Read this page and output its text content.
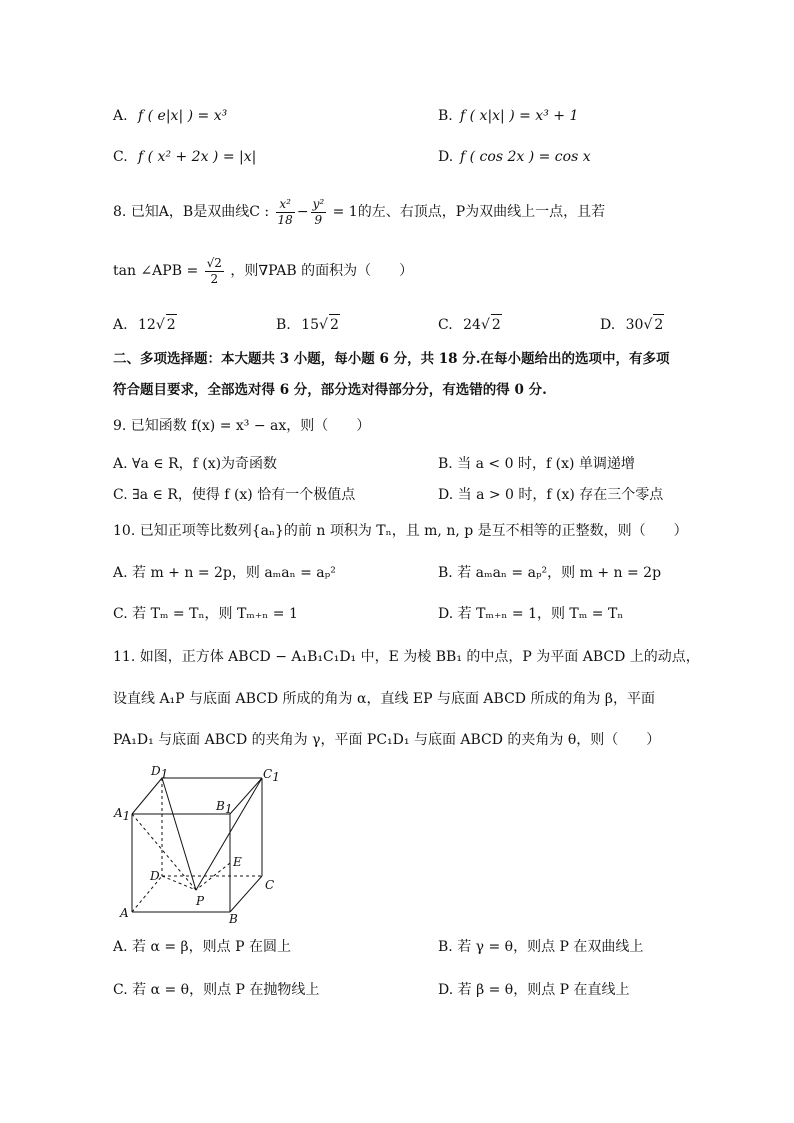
A. f ( e|x| ) = x³	B. f ( x|x| ) = x³ + 1
C. f ( x² + 2x ) = |x|	D. f ( cos 2x ) = cos x
8. 已知A，B是双曲线C : $\frac{\text{x²}}{18} - \frac{\text{y²}}{9} = 1$的左、右顶点，P为双曲线上一点，且若
tan ∠APB = $\frac{√2}{2}$ ，则∇PAB 的面积为（　　）
A. 12√ 2	B. 15√ 2	C. 24√ 2	D. 30√ 2
二、多项选择题：本大题共 3 小题，每小题 6 分，共 18 分.在每小题给出的选项中，有多项
符合题目要求，全部选对得 6 分，部分选对得部分分，有选错的得 0 分.
9. 已知函数 f(x) = x³ − ax，则（　　）
A. ∀a ∈ R，f (x)为奇函数	B. 当 a < 0 时，f (x) 单调递增
C. ∃a ∈ R，使得 f (x) 恰有一个极值点	D. 当 a > 0 时，f (x) 存在三个零点
10. 已知正项等比数列{aₙ}的前 n 项积为 Tₙ，且 m, n, p 是互不相等的正整数，则（　　）
A. 若 m + n = 2p，则 aₘaₙ = aₚ²	B. 若 aₘaₙ = aₚ²，则 m + n = 2p
C. 若 Tₘ = Tₙ，则 Tₘ₊ₙ = 1	D. 若 Tₘ₊ₙ = 1，则 Tₘ = Tₙ
11. 如图，正方体 ABCD − A₁B₁C₁D₁ 中，E 为棱 BB₁ 的中点，P 为平面 ABCD 上的动点，
设直线 A₁P 与底面 ABCD 所成的角为 α，直线 EP 与底面 ABCD 所成的角为 β，平面
PA₁D₁ 与底面 ABCD 的夹角为 γ，平面 PC₁D₁ 与底面 ABCD 的夹角为 θ，则（　　）
D1	C1
A1
B1
E
D
C
P
A	B
A. 若 α = β，则点 P 在圆上	B. 若 γ = θ，则点 P 在双曲线上
C. 若 α = θ，则点 P 在抛物线上	D. 若 β = θ，则点 P 在直线上
